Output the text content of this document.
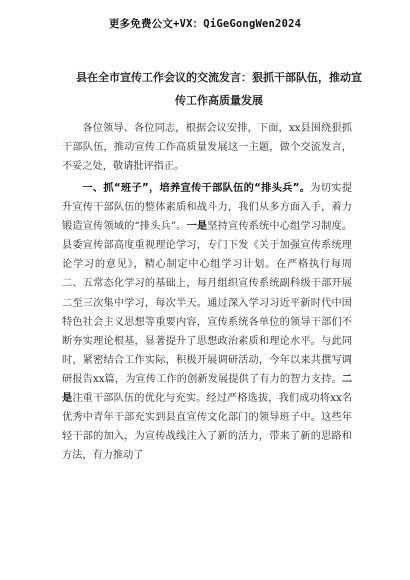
更多免费公文+VX：QiGeGongWen2024
县在全市宣传工作会议的交流发言：狠抓干部队伍，推动宣传工作高质量发展

各位领导、各位同志，根据会议安排，下面，xx县围绕狠抓干部队伍，推动宣传工作高质量发展这一主题，做个交流发言，不妥之处，敬请批评指正。

一、抓“班子”，培养宣传干部队伍的“排头兵”。为切实提升宣传干部队伍的整体素质和战斗力，我们从多方面入手，着力锻造宣传领域的“排头兵”。一是坚持宣传系统中心组学习制度。县委宣传部高度重视理论学习，专门下发《关于加强宣传系统理论学习的意见》，精心制定中心组学习计划。在严格执行每周二、五常态化学习的基础上，每月组织宣传系统副科级干部开展二至三次集中学习，每次半天。通过深入学习习近平新时代中国特色社会主义思想等重要内容，宣传系统各单位的领导干部们不断夯实理论根基，显著提升了思想政治素质和理论水平。与此同时，紧密结合工作实际，积极开展调研活动，今年以来共撰写调研报告xx篇，为宣传工作的创新发展提供了有力的智力支持。二是注重干部队伍的优化与充实。经过严格选拔，我们成功将xx名优秀中青年干部充实到县直宣传文化部门的领导班子中。这些年轻干部的加入，为宣传战线注入了新的活力，带来了新的思路和方法，有力推动了
